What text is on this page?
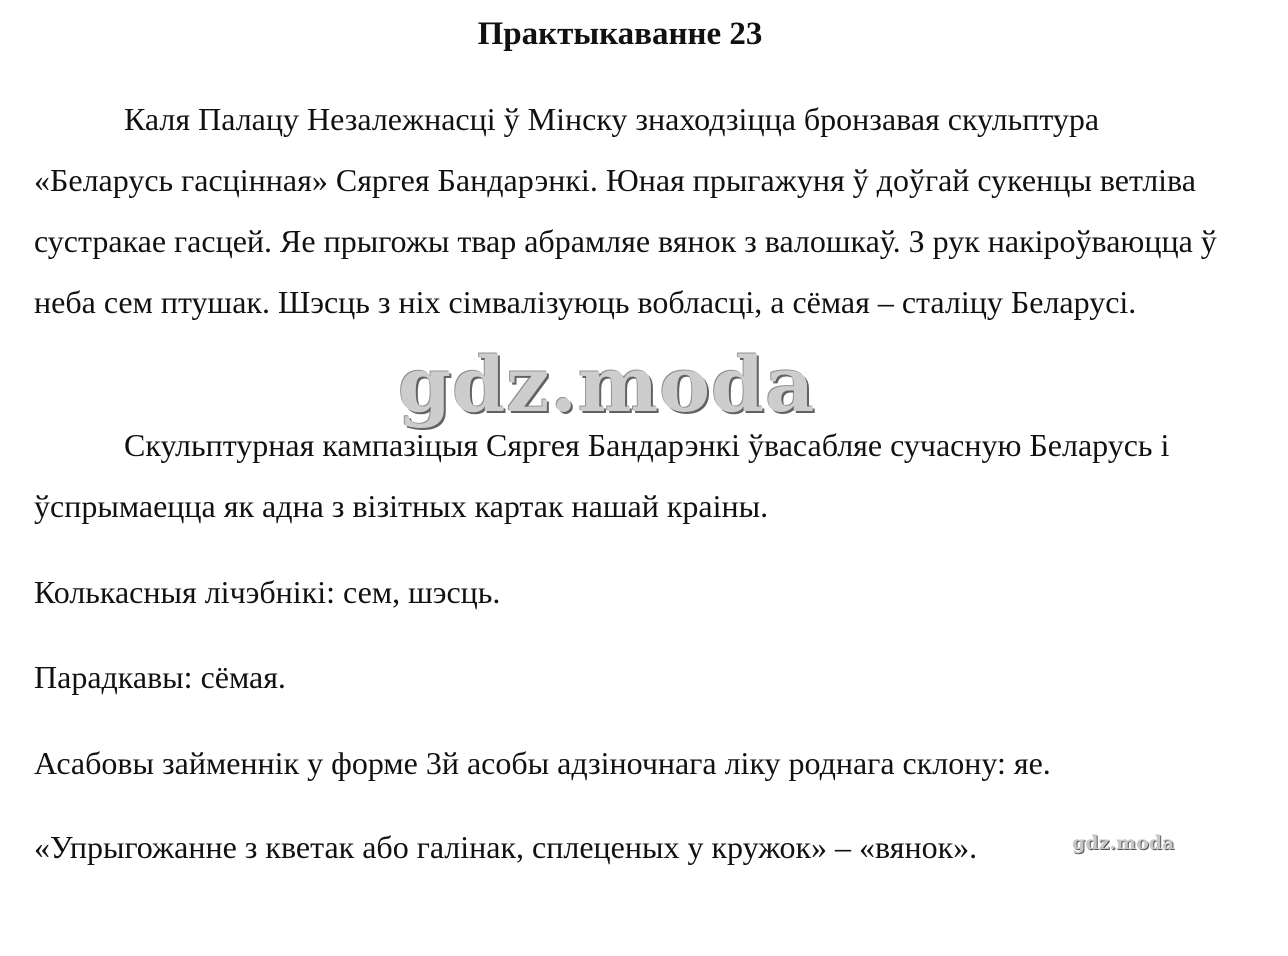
Практыкаванне 23

Каля Палацу Незалежнасці ў Мінску знаходзіцца бронзавая скульптура «Беларусь гасцінная» Сяргея Бандарэнкі. Юная прыгажуня ў доўгай сукенцы ветліва сустракае гасцей. Яе прыгожы твар абрамляе вянок з валошкаў. З рук накіроўваюцца ў неба сем птушак. Шэсць з ніх сімвалізуюць вобласці, а сёмая – сталіцу Беларусі.

Скульптурная кампазіцыя Сяргея Бандарэнкі ўвасабляе сучасную Беларусь і ўспрымаецца як адна з візітных картак нашай краіны.

Колькасныя лічэбнікі: сем, шэсць.

Парадкавы: сёмая.

Асабовы займеннік у форме 3й асобы адзіночнага ліку роднага склону: яе.

«Упрыгожанне з кветак або галінак, сплеценых у кружок» – «вянок».

gdz.moda
gdz.moda
